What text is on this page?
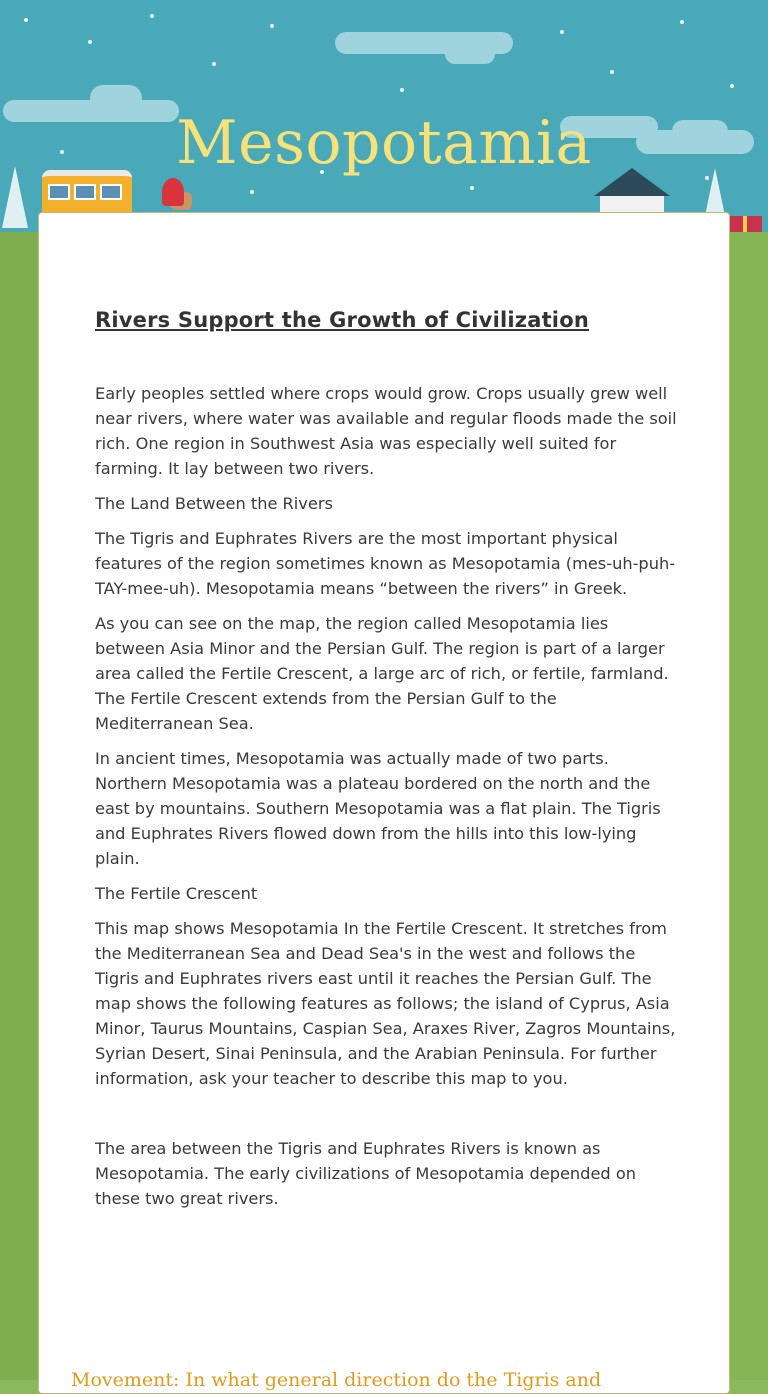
Mesopotamia
Rivers Support the Growth of Civilization

Early peoples settled where crops would grow. Crops usually grew well near rivers, where water was available and regular floods made the soil rich. One region in Southwest Asia was especially well suited for farming. It lay between two rivers.

The Land Between the Rivers

The Tigris and Euphrates Rivers are the most important physical features of the region sometimes known as Mesopotamia (mes-uh-puh-TAY-mee-uh). Mesopotamia means “between the rivers” in Greek.

As you can see on the map, the region called Mesopotamia lies between Asia Minor and the Persian Gulf. The region is part of a larger area called the Fertile Crescent, a large arc of rich, or fertile, farmland. The Fertile Crescent extends from the Persian Gulf to the Mediterranean Sea.

In ancient times, Mesopotamia was actually made of two parts. Northern Mesopotamia was a plateau bordered on the north and the east by mountains. Southern Mesopotamia was a flat plain. The Tigris and Euphrates Rivers flowed down from the hills into this low-lying plain.

The Fertile Crescent

This map shows Mesopotamia In the Fertile Crescent. It stretches from the Mediterranean Sea and Dead Sea's in the west and follows the Tigris and Euphrates rivers east until it reaches the Persian Gulf. The map shows the following features as follows; the island of Cyprus, Asia Minor, Taurus Mountains, Caspian Sea, Araxes River, Zagros Mountains, Syrian Desert, Sinai Peninsula, and the Arabian Peninsula. For further information, ask your teacher to describe this map to you.

The area between the Tigris and Euphrates Rivers is known as Mesopotamia. The early civilizations of Mesopotamia depended on these two great rivers.

Movement: In what general direction do the Tigris and
